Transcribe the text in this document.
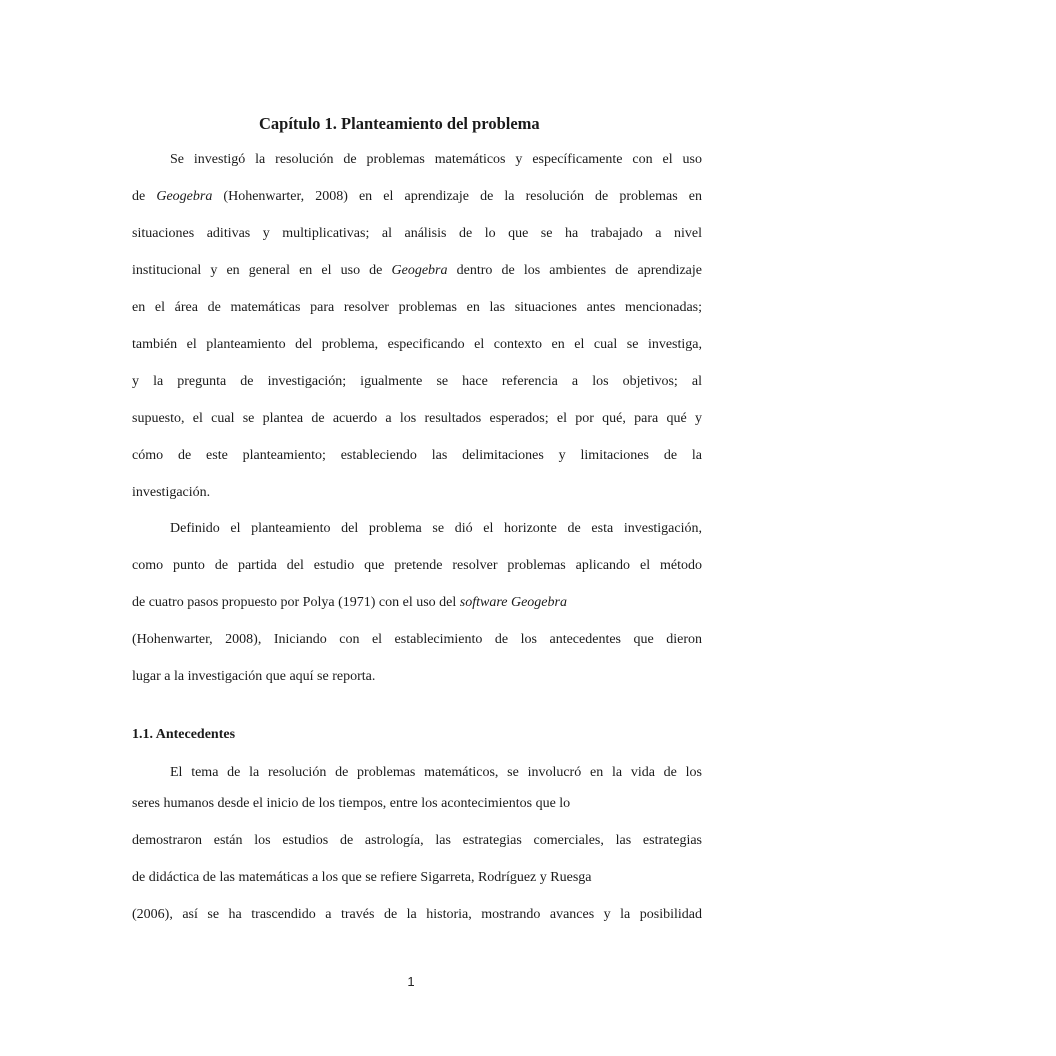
Capítulo 1. Planteamiento del problema
Se investigó la resolución de problemas matemáticos y específicamente con el uso
de Geogebra (Hohenwarter, 2008) en el aprendizaje de la resolución de problemas en
situaciones aditivas y multiplicativas; al análisis de lo que se ha trabajado a nivel
institucional y en general en el uso de Geogebra dentro de los ambientes de aprendizaje
en el área de matemáticas para resolver problemas en las situaciones antes mencionadas;
también el planteamiento del problema, especificando el contexto en el cual se investiga,
y la pregunta de investigación; igualmente se hace referencia a los objetivos; al
supuesto, el cual se plantea de acuerdo a los resultados esperados; el por qué, para qué y
cómo de este planteamiento; estableciendo las delimitaciones y limitaciones de la
investigación.
Definido el planteamiento del problema se dió el horizonte de esta investigación,
como punto de partida del estudio que pretende resolver problemas aplicando el método
de cuatro pasos propuesto por Polya (1971) con el uso del software Geogebra
(Hohenwarter, 2008), Iniciando con el establecimiento de los antecedentes que dieron
lugar a la investigación que aquí se reporta.
1.1. Antecedentes
El tema de la resolución de problemas matemáticos, se involucró en la vida de los
seres humanos desde el inicio de los tiempos, entre los acontecimientos que lo
demostraron están los estudios de astrología, las estrategias comerciales, las estrategias
de didáctica de las matemáticas a los que se refiere Sigarreta, Rodríguez y Ruesga
(2006), así se ha trascendido a través de la historia, mostrando avances y la posibilidad
1
